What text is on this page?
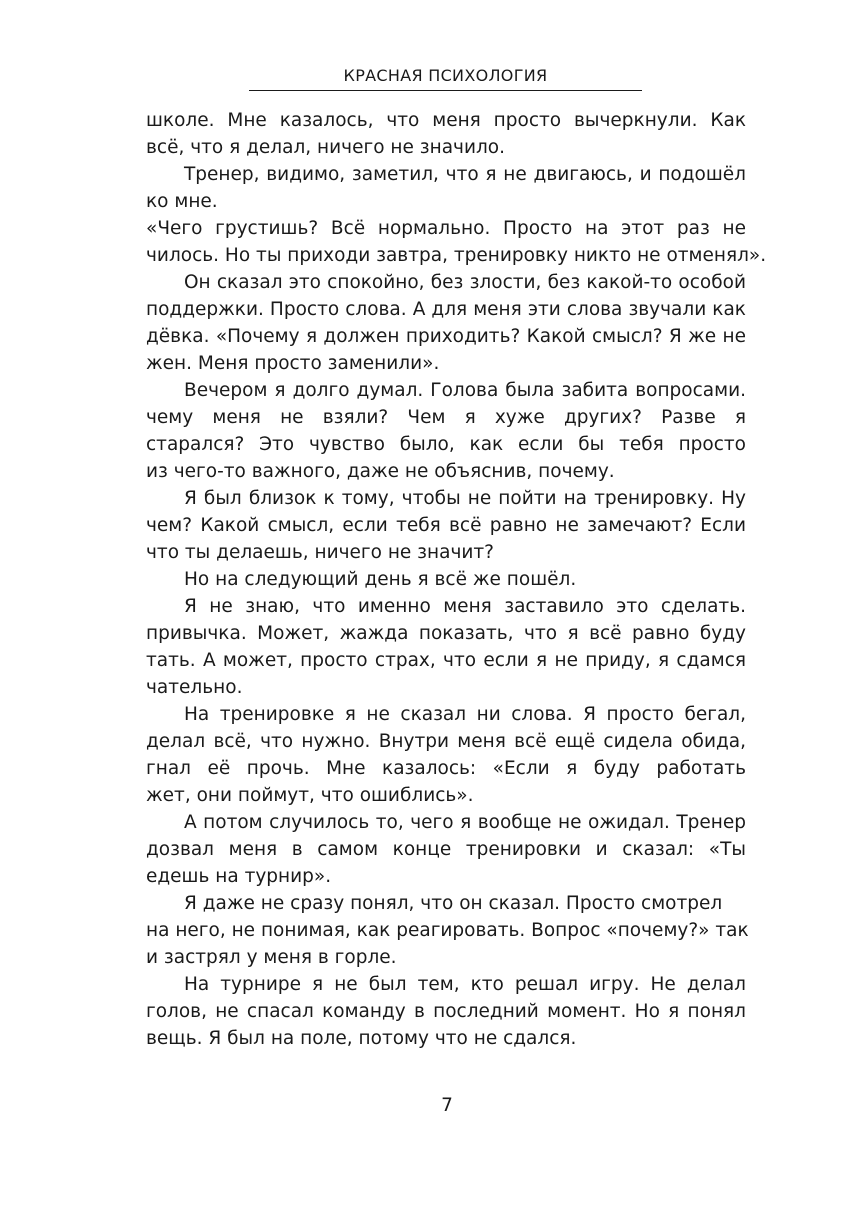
КРАСНАЯ ПСИХОЛОГИЯ
школе. Мне казалось, что меня просто вычеркнули. Как
всё, что я делал, ничего не значило.
Тренер, видимо, заметил, что я не двигаюсь, и подошёл
ко мне.
«Чего грустишь? Всё нормально. Просто на этот раз не
чилось. Но ты приходи завтра, тренировку никто не отменял».
Он сказал это спокойно, без злости, без какой-то особой
поддержки. Просто слова. А для меня эти слова звучали как
дёвка. «Почему я должен приходить? Какой смысл? Я же не
жен. Меня просто заменили».
Вечером я долго думал. Голова была забита вопросами.
чему меня не взяли? Чем я хуже других? Разве я
старался? Это чувство было, как если бы тебя просто
из чего-то важного, даже не объяснив, почему.
Я был близок к тому, чтобы не пойти на тренировку. Ну
чем? Какой смысл, если тебя всё равно не замечают? Если
что ты делаешь, ничего не значит?
Но на следующий день я всё же пошёл.
Я не знаю, что именно меня заставило это сделать.
привычка. Может, жажда показать, что я всё равно буду
тать. А может, просто страх, что если я не приду, я сдамся
чательно.
На тренировке я не сказал ни слова. Я просто бегал,
делал всё, что нужно. Внутри меня всё ещё сидела обида,
гнал её прочь. Мне казалось: «Если я буду работать
жет, они поймут, что ошиблись».
А потом случилось то, чего я вообще не ожидал. Тренер
дозвал меня в самом конце тренировки и сказал: «Ты
едешь на турнир».
Я даже не сразу понял, что он сказал. Просто смотрел
на него, не понимая, как реагировать. Вопрос «почему?» так
и застрял у меня в горле.
На турнире я не был тем, кто решал игру. Не делал
голов, не спасал команду в последний момент. Но я понял
вещь. Я был на поле, потому что не сдался.
7
